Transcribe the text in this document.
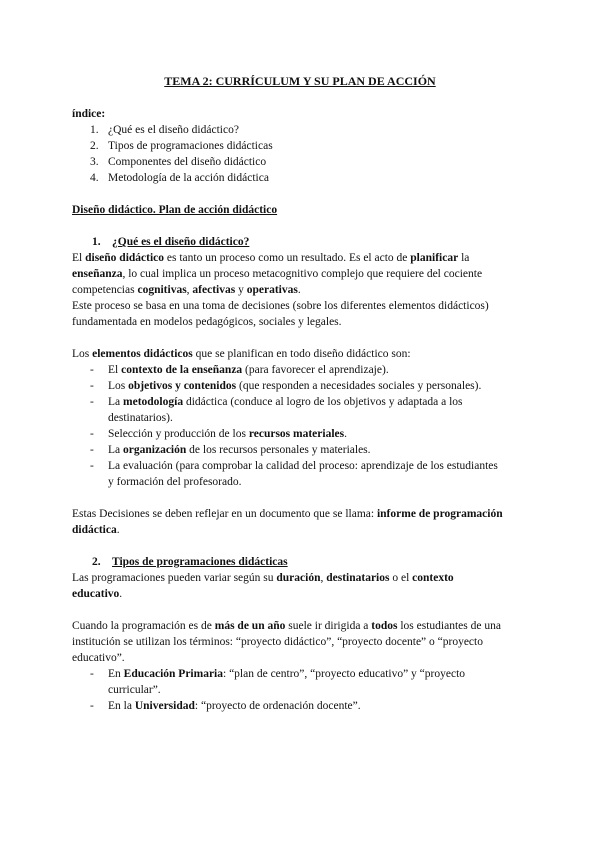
TEMA 2: CURRÍCULUM Y SU PLAN DE ACCIÓN
índice:
1. ¿Qué es el diseño didáctico?
2. Tipos de programaciones didácticas
3. Componentes del diseño didáctico
4. Metodología de la acción didáctica
Diseño didáctico. Plan de acción didáctico
1. ¿Qué es el diseño didáctico?
El diseño didáctico es tanto un proceso como un resultado. Es el acto de planificar la
enseñanza, lo cual implica un proceso metacognitivo complejo que requiere del cociente
competencias cognitivas, afectivas y operativas.
Este proceso se basa en una toma de decisiones (sobre los diferentes elementos didácticos)
fundamentada en modelos pedagógicos, sociales y legales.
Los elementos didácticos que se planifican en todo diseño didáctico son:
-	El contexto de la enseñanza (para favorecer el aprendizaje).
-	Los objetivos y contenidos (que responden a necesidades sociales y personales).
-	La metodología didáctica (conduce al logro de los objetivos y adaptada a los
destinatarios).
-	Selección y producción de los recursos materiales.
-	La organización de los recursos personales y materiales.
-	La evaluación (para comprobar la calidad del proceso: aprendizaje de los estudiantes
y formación del profesorado.
Estas Decisiones se deben reflejar en un documento que se llama: informe de programación
didáctica.
2. Tipos de programaciones didácticas
Las programaciones pueden variar según su duración, destinatarios o el contexto
educativo.
Cuando la programación es de más de un año suele ir dirigida a todos los estudiantes de una
institución se utilizan los términos: “proyecto didáctico”, “proyecto docente” o “proyecto
educativo”.
-	En Educación Primaria: “plan de centro”, “proyecto educativo” y “proyecto
curricular”.
-	En la Universidad: “proyecto de ordenación docente”.
